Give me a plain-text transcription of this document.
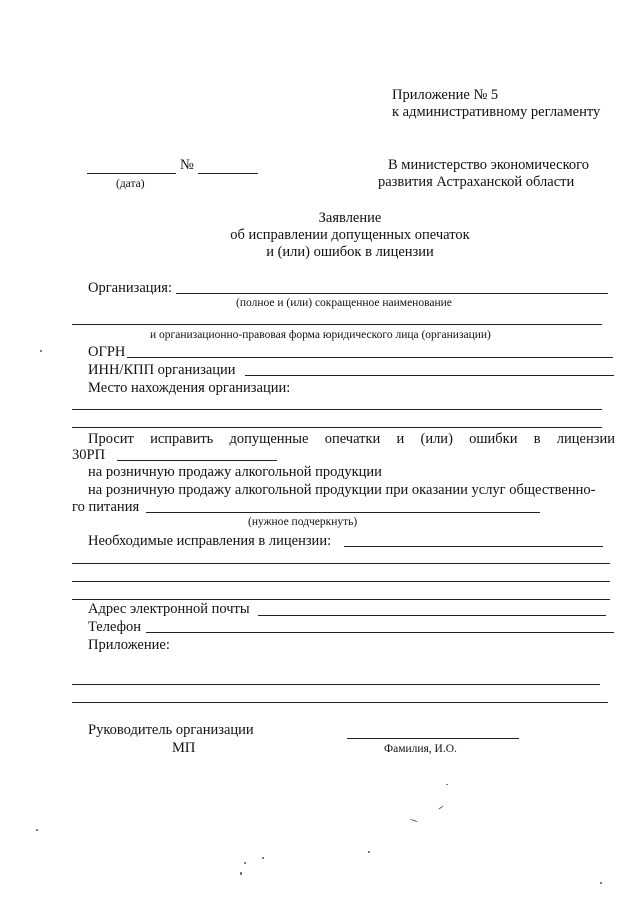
Приложение № 5
к административному регламенту
№
(дата)
В министерство экономического
развития Астраханской области
Заявление
об исправлении допущенных опечаток
и (или) ошибок в лицензии
Организация:
(полное и (или) сокращенное наименование
и организационно-правовая форма юридического лица (организации)
ОГРН
ИНН/КПП организации
Место нахождения организации:
Просит исправить допущенные опечатки и (или) ошибки в лицензии
30РП
на розничную продажу алкогольной продукции
на розничную продажу алкогольной продукции при оказании услуг общественно-
го питания
(нужное подчеркнуть)
Необходимые исправления в лицензии:
Адрес электронной почты
Телефон
Приложение:
Руководитель организации
МП	Фамилия, И.О.
